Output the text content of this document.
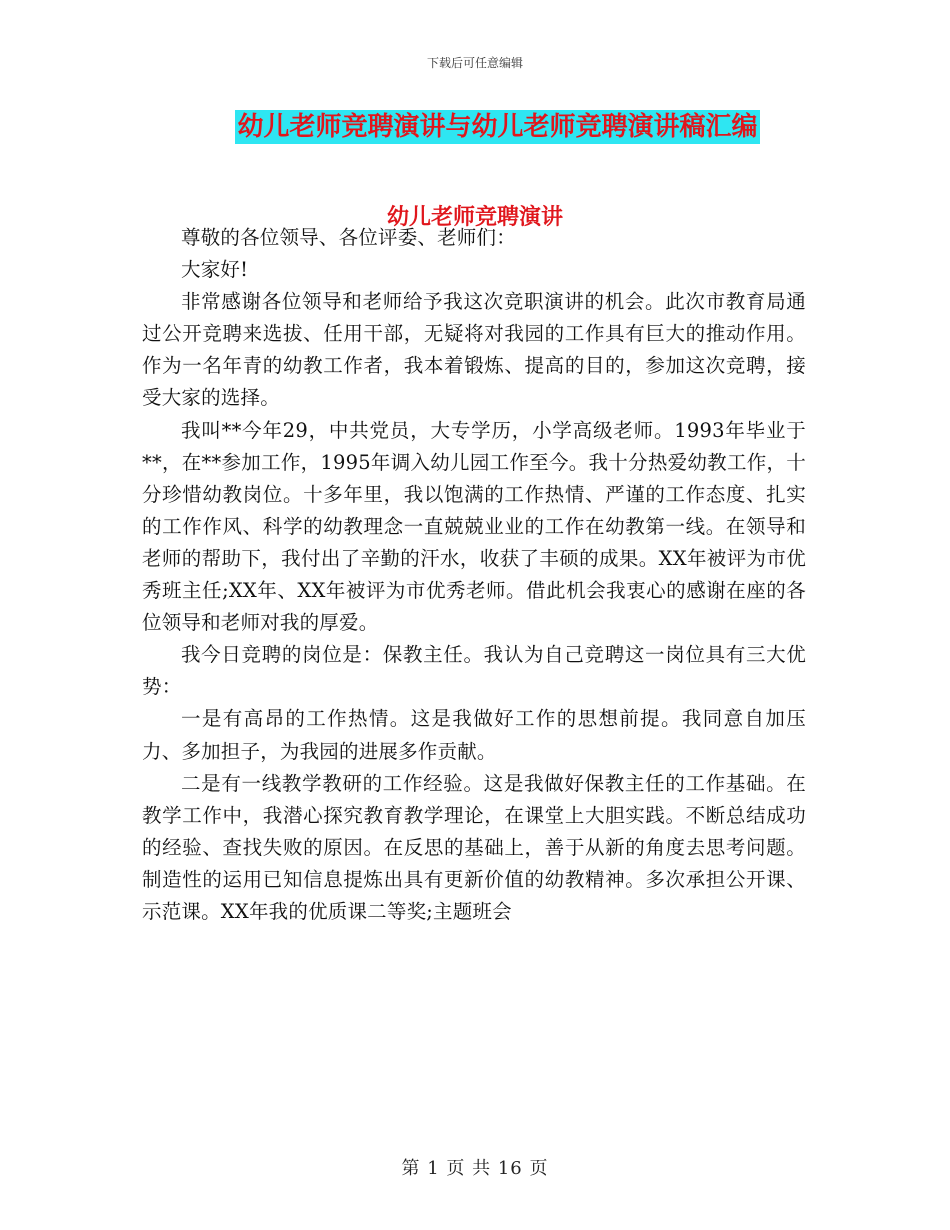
下载后可任意编辑
幼儿老师竞聘演讲与幼儿老师竞聘演讲稿汇编
幼儿老师竞聘演讲

尊敬的各位领导、各位评委、老师们：

大家好!

非常感谢各位领导和老师给予我这次竞职演讲的机会。此次市教育局通过公开竞聘来选拔、任用干部，无疑将对我园的工作具有巨大的推动作用。作为一名年青的幼教工作者，我本着锻炼、提高的目的，参加这次竞聘，接受大家的选择。

我叫**今年29，中共党员，大专学历，小学高级老师。1993年毕业于**，在**参加工作，1995年调入幼儿园工作至今。我十分热爱幼教工作，十分珍惜幼教岗位。十多年里，我以饱满的工作热情、严谨的工作态度、扎实的工作作风、科学的幼教理念一直兢兢业业的工作在幼教第一线。在领导和老师的帮助下，我付出了辛勤的汗水，收获了丰硕的成果。XX年被评为市优秀班主任;XX年、XX年被评为市优秀老师。借此机会我衷心的感谢在座的各位领导和老师对我的厚爱。

我今日竞聘的岗位是：保教主任。我认为自己竞聘这一岗位具有三大优势：

一是有高昂的工作热情。这是我做好工作的思想前提。我同意自加压力、多加担子，为我园的进展多作贡献。

二是有一线教学教研的工作经验。这是我做好保教主任的工作基础。在教学工作中，我潜心探究教育教学理论，在课堂上大胆实践。不断总结成功的经验、查找失败的原因。在反思的基础上，善于从新的角度去思考问题。制造性的运用已知信息提炼出具有更新价值的幼教精神。多次承担公开课、示范课。XX年我的优质课二等奖;主题班会

第 1 页 共 16 页
